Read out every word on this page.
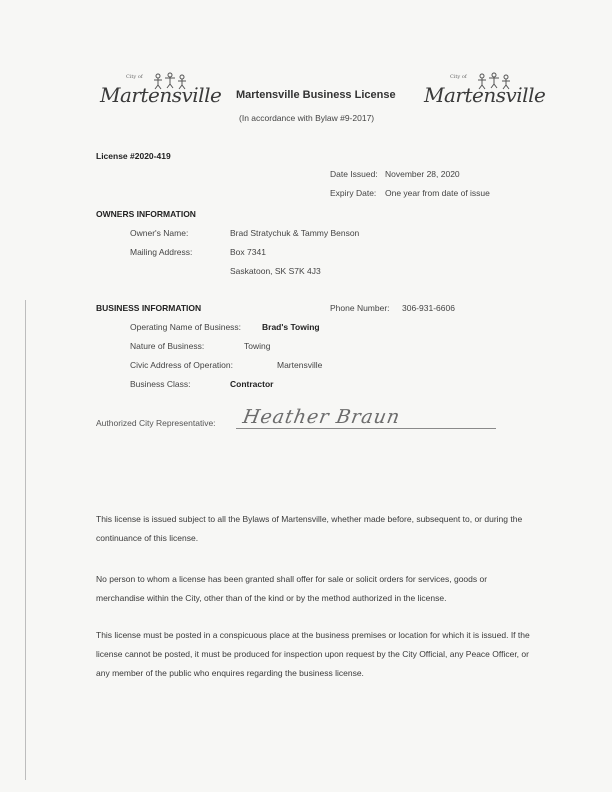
City of
Martensville
City of
Martensville
Martensville Business License
(In accordance with Bylaw #9-2017)
License #2020-419
Date Issued: November 28, 2020
Expiry Date: One year from date of issue
OWNERS INFORMATION
Owner's Name:	Brad Stratychuk & Tammy Benson
Mailing Address:	Box 7341
Saskatoon, SK S7K 4J3
BUSINESS INFORMATION	Phone Number: 306-931-6606
Operating Name of Business: Brad's Towing
Nature of Business:	Towing
Civic Address of Operation:	Martensville
Business Class:	Contractor
Authorized City Representative: Heather Braun
This license is issued subject to all the Bylaws of Martensville, whether made before, subsequent to, or during the continuance of this license.
No person to whom a license has been granted shall offer for sale or solicit orders for services, goods or merchandise within the City, other than of the kind or by the method authorized in the license.
This license must be posted in a conspicuous place at the business premises or location for which it is issued. If the license cannot be posted, it must be produced for inspection upon request by the City Official, any Peace Officer, or any member of the public who enquires regarding the business license.
